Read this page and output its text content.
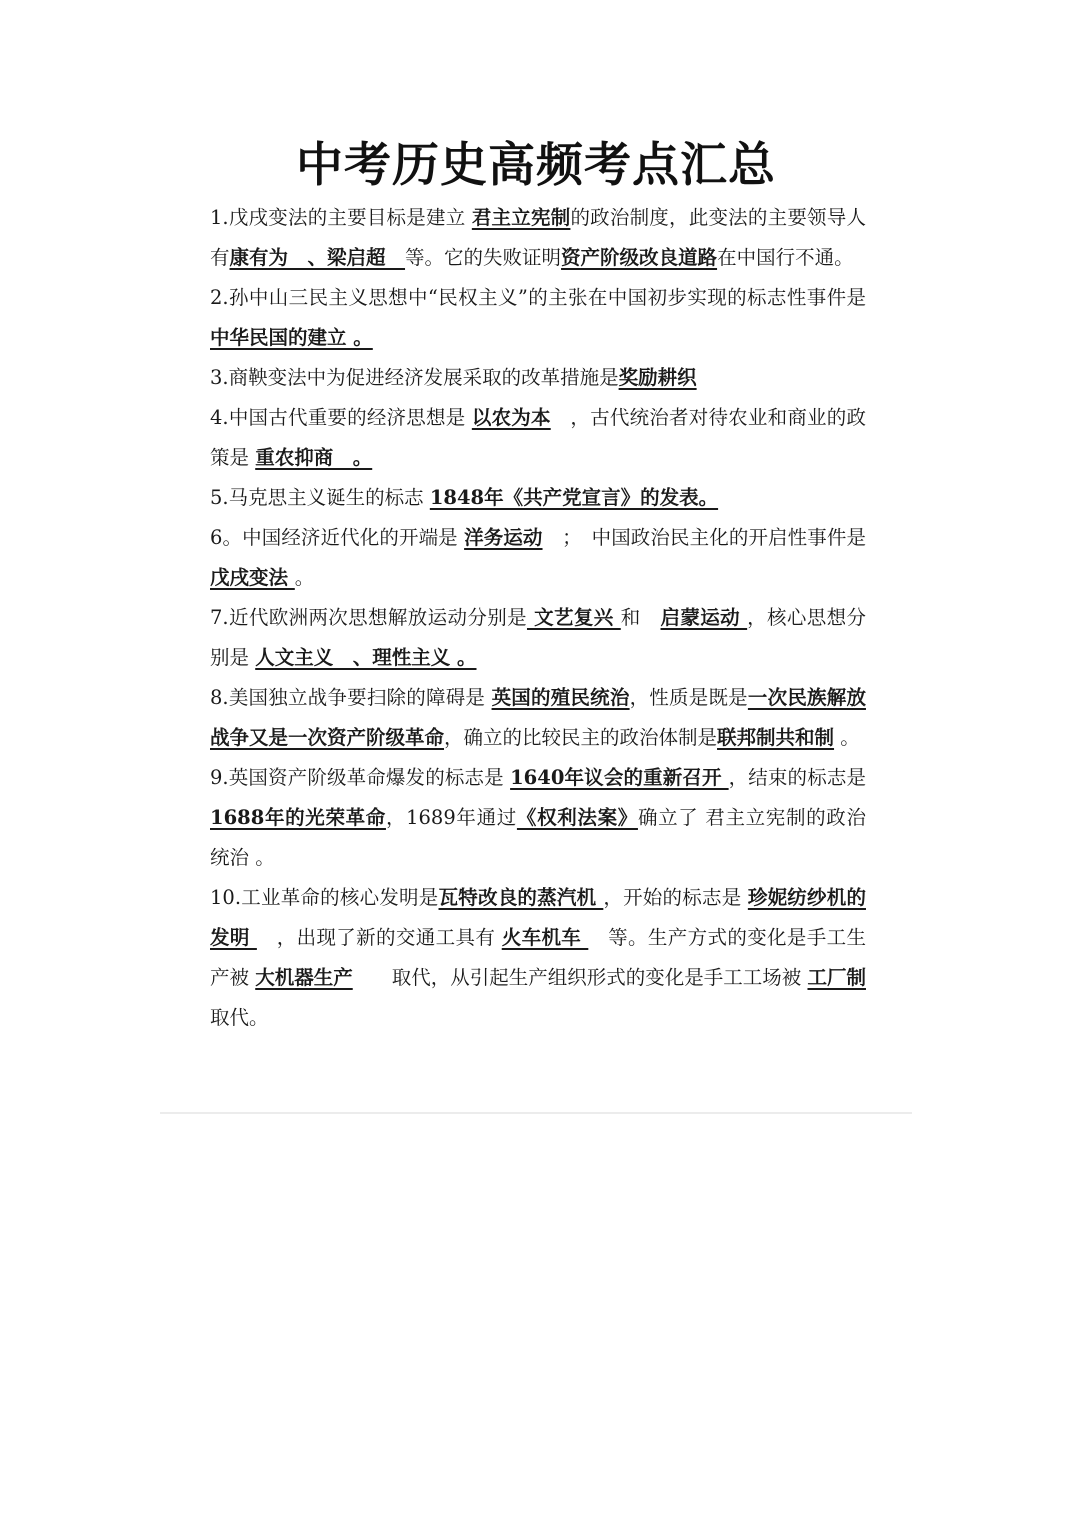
中考历史高频考点汇总

1.戊戌变法的主要目标是建立 君主立宪制的政治制度，此变法的主要领导人有康有为　、梁启超　等。它的失败证明资产阶级改良道路在中国行不通。

2.孙中山三民主义思想中“民权主义”的主张在中国初步实现的标志性事件是 中华民国的建立 。

3.商鞅变法中为促进经济发展采取的改革措施是奖励耕织

4.中国古代重要的经济思想是 以农为本　，古代统治者对待农业和商业的政策是 重农抑商　。

5.马克思主义诞生的标志 1848年《共产党宣言》的发表。

6。中国经济近代化的开端是 洋务运动　；　中国政治民主化的开启性事件是戊戌变法 。

7.近代欧洲两次思想解放运动分别是 文艺复兴 和　启蒙运动 ，核心思想分别是 人文主义　、理性主义 。

8.美国独立战争要扫除的障碍是 英国的殖民统治，性质是既是一次民族解放战争又是一次资产阶级革命，确立的比较民主的政治体制是联邦制共和制 。

9.英国资产阶级革命爆发的标志是 1640年议会的重新召开 ，结束的标志是 1688年的光荣革命，1689年通过《权利法案》确立了 君主立宪制的政治统治 。

10.工业革命的核心发明是瓦特改良的蒸汽机 ，开始的标志是 珍妮纺纱机的发明 　，出现了新的交通工具有 火车机车 　等。生产方式的变化是手工生产被 大机器生产　　取代，从引起生产组织形式的变化是手工工场被 工厂制 　取代。
